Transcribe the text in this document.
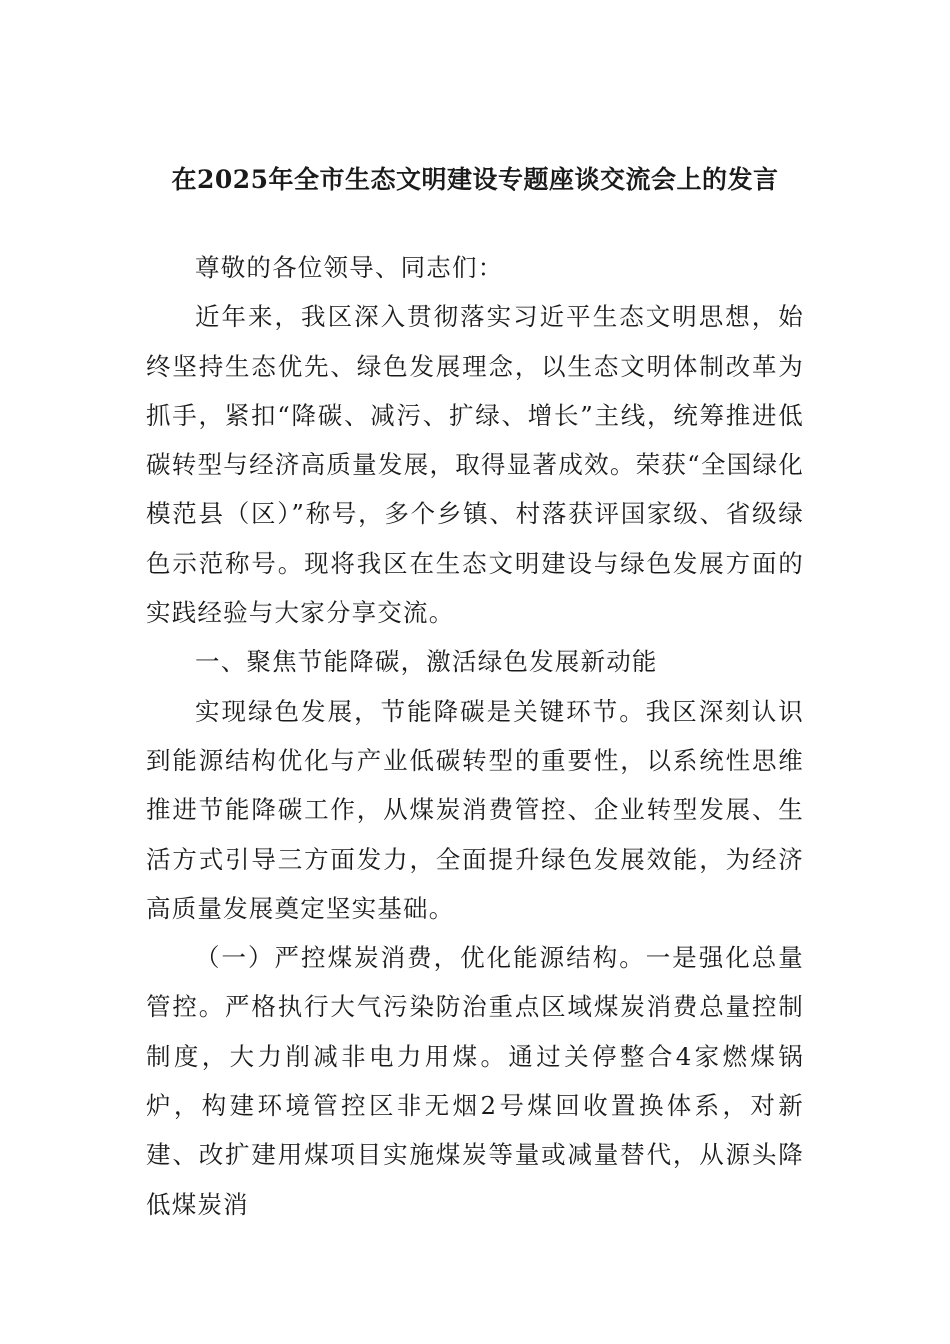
在2025年全市生态文明建设专题座谈交流会上的发言

尊敬的各位领导、同志们：

近年来，我区深入贯彻落实习近平生态文明思想，始终坚持生态优先、绿色发展理念，以生态文明体制改革为抓手，紧扣“降碳、减污、扩绿、增长”主线，统筹推进低碳转型与经济高质量发展，取得显著成效。荣获“全国绿化模范县（区）”称号，多个乡镇、村落获评国家级、省级绿色示范称号。现将我区在生态文明建设与绿色发展方面的实践经验与大家分享交流。

一、聚焦节能降碳，激活绿色发展新动能

实现绿色发展，节能降碳是关键环节。我区深刻认识到能源结构优化与产业低碳转型的重要性，以系统性思维推进节能降碳工作，从煤炭消费管控、企业转型发展、生活方式引导三方面发力，全面提升绿色发展效能，为经济高质量发展奠定坚实基础。

（一）严控煤炭消费，优化能源结构。一是强化总量管控。严格执行大气污染防治重点区域煤炭消费总量控制制度，大力削减非电力用煤。通过关停整合4家燃煤锅炉，构建环境管控区非无烟2号煤回收置换体系，对新建、改扩建用煤项目实施煤炭等量或减量替代，从源头降低煤炭消
